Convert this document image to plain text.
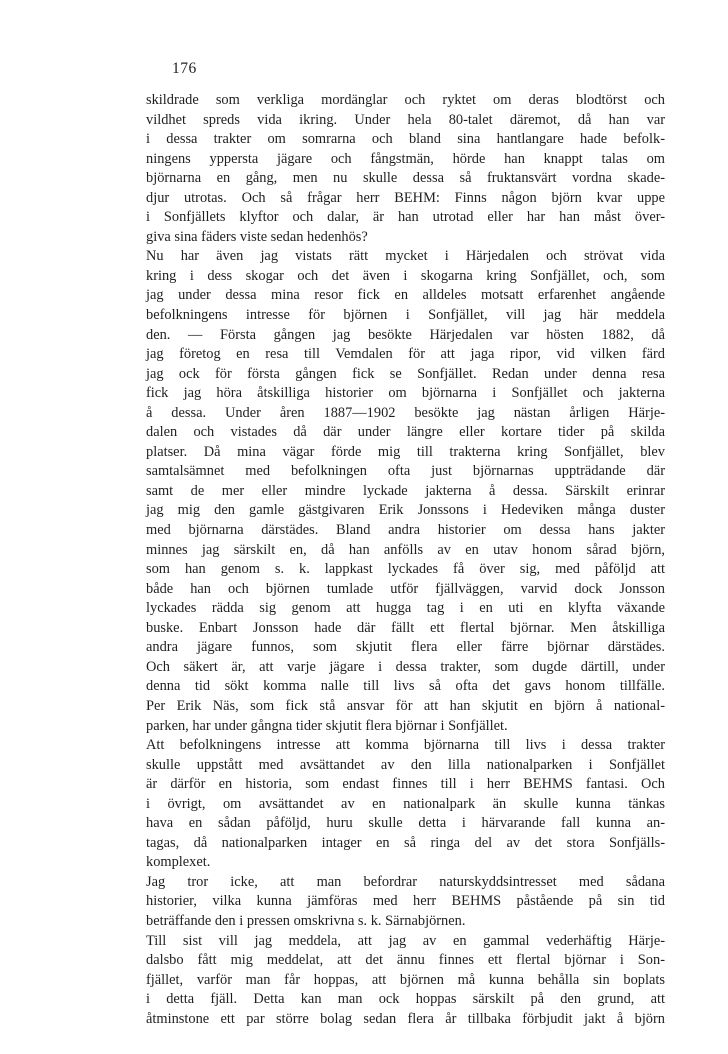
176
skildrade som verkliga mordänglar och ryktet om deras blodtörst och
vildhet spreds vida ikring. Under hela 80-talet däremot, då han var
i dessa trakter om somrarna och bland sina hantlangare hade befolk-
ningens yppersta jägare och fångstmän, hörde han knappt talas om
björnarna en gång, men nu skulle dessa så fruktansvärt vordna skade-
djur utrotas. Och så frågar herr BEHM: Finns någon björn kvar uppe
i Sonfjällets klyftor och dalar, är han utrotad eller har han måst över-
giva sina fäders viste sedan hedenhös?
Nu har även jag vistats rätt mycket i Härjedalen och strövat vida
kring i dess skogar och det även i skogarna kring Sonfjället, och, som
jag under dessa mina resor fick en alldeles motsatt erfarenhet angående
befolkningens intresse för björnen i Sonfjället, vill jag här meddela
den. — Första gången jag besökte Härjedalen var hösten 1882, då
jag företog en resa till Vemdalen för att jaga ripor, vid vilken färd
jag ock för första gången fick se Sonfjället. Redan under denna resa
fick jag höra åtskilliga historier om björnarna i Sonfjället och jakterna
å dessa. Under åren 1887—1902 besökte jag nästan årligen Härje-
dalen och vistades då där under längre eller kortare tider på skilda
platser. Då mina vägar förde mig till trakterna kring Sonfjället, blev
samtalsämnet med befolkningen ofta just björnarnas uppträdande där
samt de mer eller mindre lyckade jakterna å dessa. Särskilt erinrar
jag mig den gamle gästgivaren Erik Jonssons i Hedeviken många duster
med björnarna därstädes. Bland andra historier om dessa hans jakter
minnes jag särskilt en, då han anfölls av en utav honom sårad björn,
som han genom s. k. lappkast lyckades få över sig, med påföljd att
både han och björnen tumlade utför fjällväggen, varvid dock Jonsson
lyckades rädda sig genom att hugga tag i en uti en klyfta växande
buske. Enbart Jonsson hade där fällt ett flertal björnar. Men åtskilliga
andra jägare funnos, som skjutit flera eller färre björnar därstädes.
Och säkert är, att varje jägare i dessa trakter, som dugde därtill, under
denna tid sökt komma nalle till livs så ofta det gavs honom tillfälle.
Per Erik Näs, som fick stå ansvar för att han skjutit en björn å national-
parken, har under gångna tider skjutit flera björnar i Sonfjället.
Att befolkningens intresse att komma björnarna till livs i dessa trakter
skulle uppstått med avsättandet av den lilla nationalparken i Sonfjället
är därför en historia, som endast finnes till i herr BEHMS fantasi. Och
i övrigt, om avsättandet av en nationalpark än skulle kunna tänkas
hava en sådan påföljd, huru skulle detta i härvarande fall kunna an-
tagas, då nationalparken intager en så ringa del av det stora Sonfjälls-
komplexet.
Jag tror icke, att man befordrar naturskyddsintresset med sådana
historier, vilka kunna jämföras med herr BEHMS påstående på sin tid
beträffande den i pressen omskrivna s. k. Särnabjörnen.
Till sist vill jag meddela, att jag av en gammal vederhäftig Härje-
dalsbo fått mig meddelat, att det ännu finnes ett flertal björnar i Son-
fjället, varför man får hoppas, att björnen må kunna behålla sin boplats
i detta fjäll. Detta kan man ock hoppas särskilt på den grund, att
åtminstone ett par större bolag sedan flera år tillbaka förbjudit jakt å björn
